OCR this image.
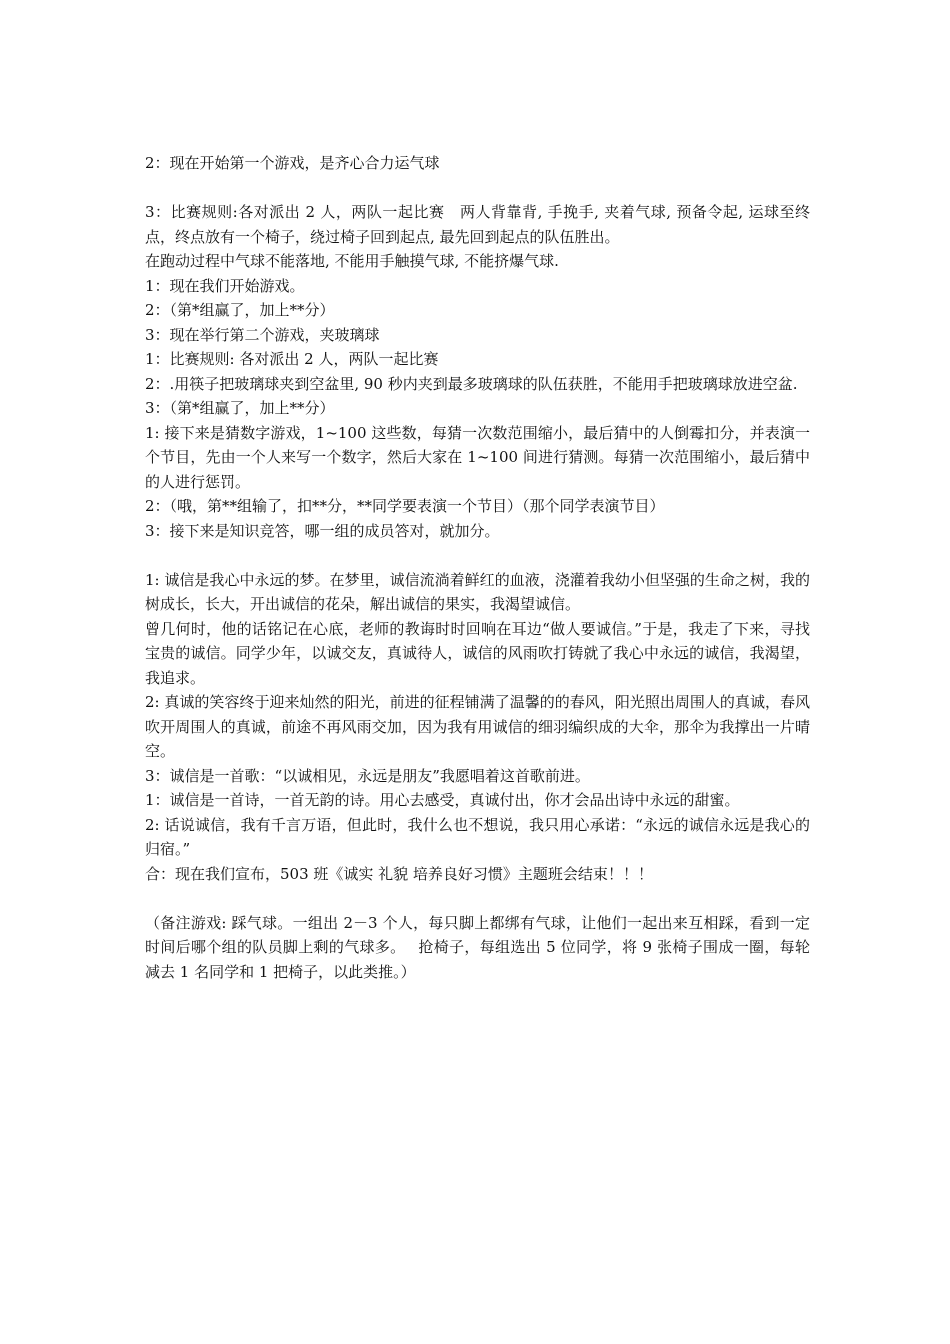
2：现在开始第一个游戏，是齐心合力运气球

3：比赛规则:各对派出 2 人，两队一起比赛　两人背靠背, 手挽手, 夹着气球, 预备令起, 运球至终点，终点放有一个椅子，绕过椅子回到起点, 最先回到起点的队伍胜出。

在跑动过程中气球不能落地, 不能用手触摸气球, 不能挤爆气球.

1：现在我们开始游戏。

2：（第*组赢了，加上**分）

3：现在举行第二个游戏，夹玻璃球

1：比赛规则: 各对派出 2 人，两队一起比赛

2：.用筷子把玻璃球夹到空盆里, 90 秒内夹到最多玻璃球的队伍获胜，不能用手把玻璃球放进空盆.

3：（第*组赢了，加上**分）

1: 接下来是猜数字游戏，1~100 这些数，每猜一次数范围缩小，最后猜中的人倒霉扣分，并表演一个节目，先由一个人来写一个数字，然后大家在 1~100 间进行猜测。每猜一次范围缩小，最后猜中的人进行惩罚。

2：（哦，第**组输了，扣**分，**同学要表演一个节目）（那个同学表演节目）

3：接下来是知识竞答，哪一组的成员答对，就加分。

1: 诚信是我心中永远的梦。在梦里，诚信流淌着鲜红的血液，浇灌着我幼小但坚强的生命之树，我的树成长，长大，开出诚信的花朵，解出诚信的果实，我渴望诚信。

曾几何时，他的话铭记在心底，老师的教诲时时回响在耳边“做人要诚信。”于是，我走了下来，寻找宝贵的诚信。同学少年，以诚交友，真诚待人，诚信的风雨吹打铸就了我心中永远的诚信，我渴望，我追求。

2: 真诚的笑容终于迎来灿然的阳光，前进的征程铺满了温馨的的春风，阳光照出周围人的真诚，春风吹开周围人的真诚，前途不再风雨交加，因为我有用诚信的细羽编织成的大伞，那伞为我撑出一片晴空。

3：诚信是一首歌：“以诚相见，永远是朋友”我愿唱着这首歌前进。

1：诚信是一首诗，一首无韵的诗。用心去感受，真诚付出，你才会品出诗中永远的甜蜜。

2: 话说诚信，我有千言万语，但此时，我什么也不想说，我只用心承诺：“永远的诚信永远是我心的归宿。”

合：现在我们宣布，503 班《诚实 礼貌 培养良好习惯》主题班会结束！！！

（备注游戏: 踩气球。一组出 2－3 个人，每只脚上都绑有气球，让他们一起出来互相踩，看到一定时间后哪个组的队员脚上剩的气球多。　 抢椅子，每组选出 5 位同学，将 9 张椅子围成一圈，每轮减去 1 名同学和 1 把椅子，以此类推。）
